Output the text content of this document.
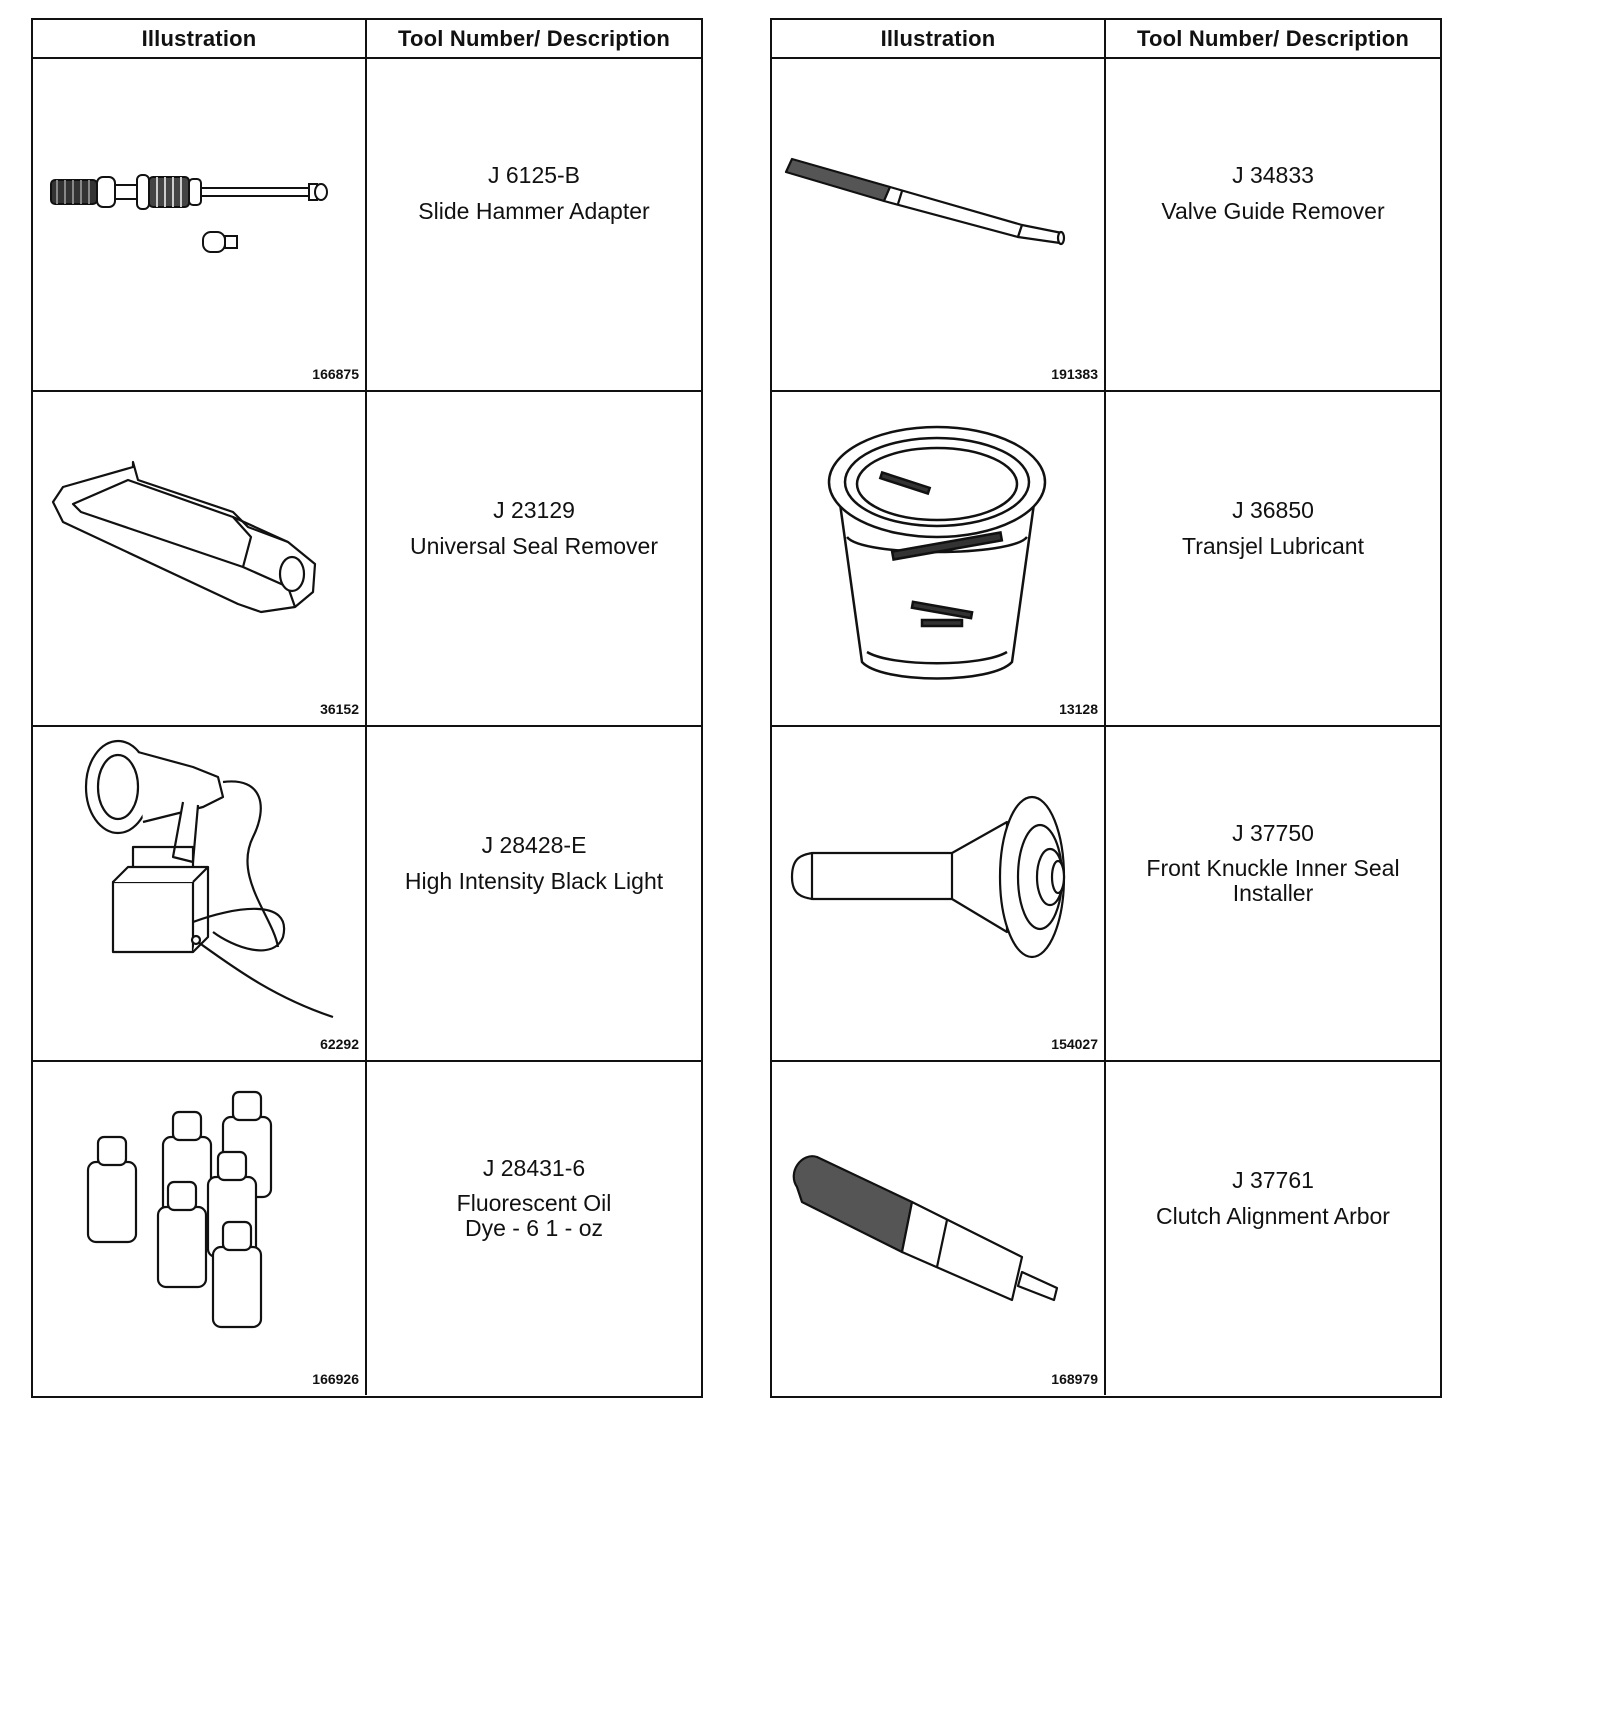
Illustration	Tool Number/ Description
166875
J 6125-B
Slide Hammer Adapter
36152
J 23129
Universal Seal Remover
62292
J 28428-E
High Intensity Black Light
166926
J 28431-6
Fluorescent Oil
Dye - 6 1 - oz
Illustration	Tool Number/ Description
191383
J 34833
Valve Guide Remover
13128
J 36850
Transjel Lubricant
154027
J 37750
Front Knuckle Inner Seal
Installer
168979
J 37761
Clutch Alignment Arbor
